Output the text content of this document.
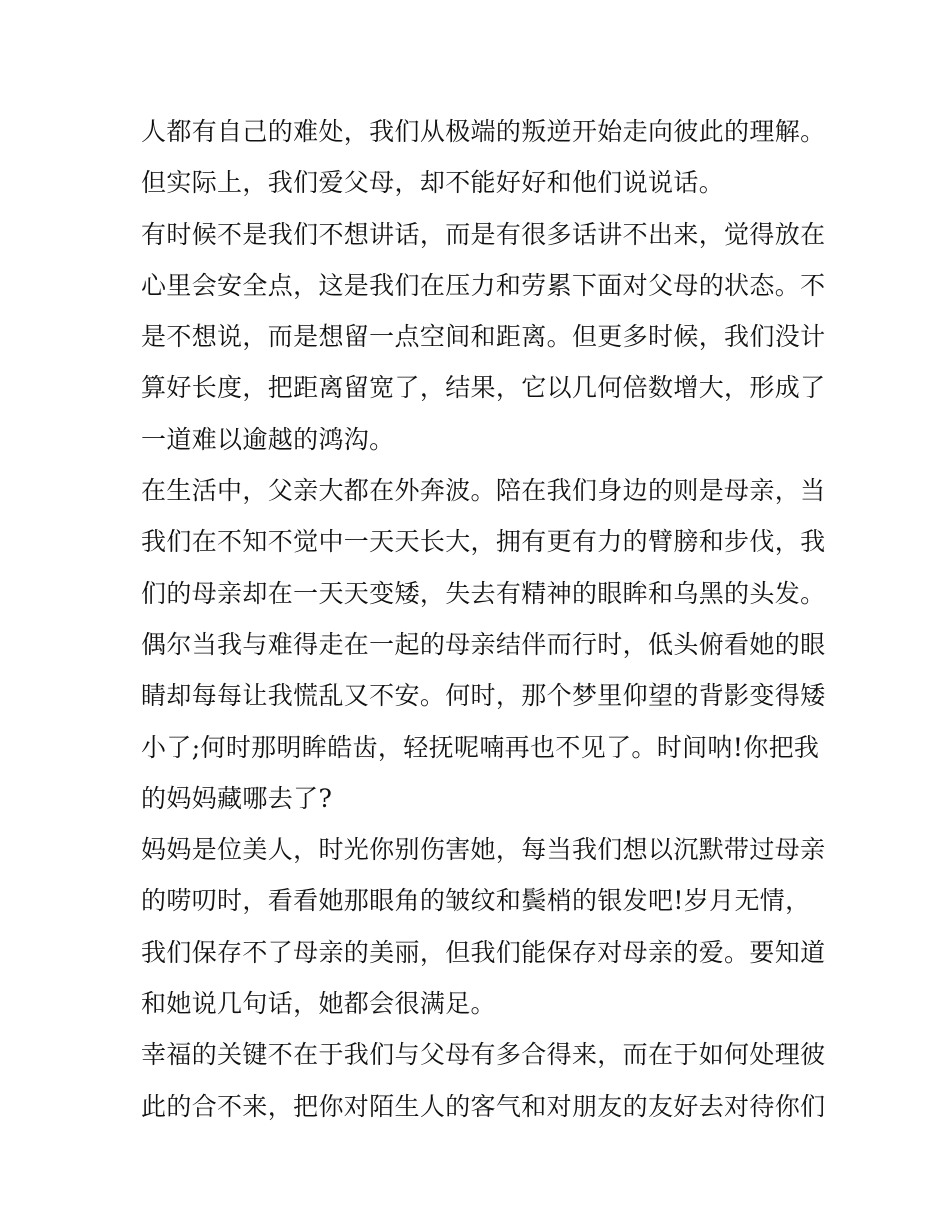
人都有自己的难处，我们从极端的叛逆开始走向彼此的理解。
但实际上，我们爱父母，却不能好好和他们说说话。
有时候不是我们不想讲话，而是有很多话讲不出来，觉得放在
心里会安全点，这是我们在压力和劳累下面对父母的状态。不
是不想说，而是想留一点空间和距离。但更多时候，我们没计
算好长度，把距离留宽了，结果，它以几何倍数增大，形成了
一道难以逾越的鸿沟。
在生活中，父亲大都在外奔波。陪在我们身边的则是母亲，当
我们在不知不觉中一天天长大，拥有更有力的臂膀和步伐，我
们的母亲却在一天天变矮，失去有精神的眼眸和乌黑的头发。
偶尔当我与难得走在一起的母亲结伴而行时，低头俯看她的眼
睛却每每让我慌乱又不安。何时，那个梦里仰望的背影变得矮
小了;何时那明眸皓齿，轻抚呢喃再也不见了。时间呐!你把我
的妈妈藏哪去了?
妈妈是位美人，时光你别伤害她，每当我们想以沉默带过母亲
的唠叨时，看看她那眼角的皱纹和鬓梢的银发吧!岁月无情，
我们保存不了母亲的美丽，但我们能保存对母亲的爱。要知道
和她说几句话，她都会很满足。
幸福的关键不在于我们与父母有多合得来，而在于如何处理彼
此的合不来，把你对陌生人的客气和对朋友的友好去对待你们
